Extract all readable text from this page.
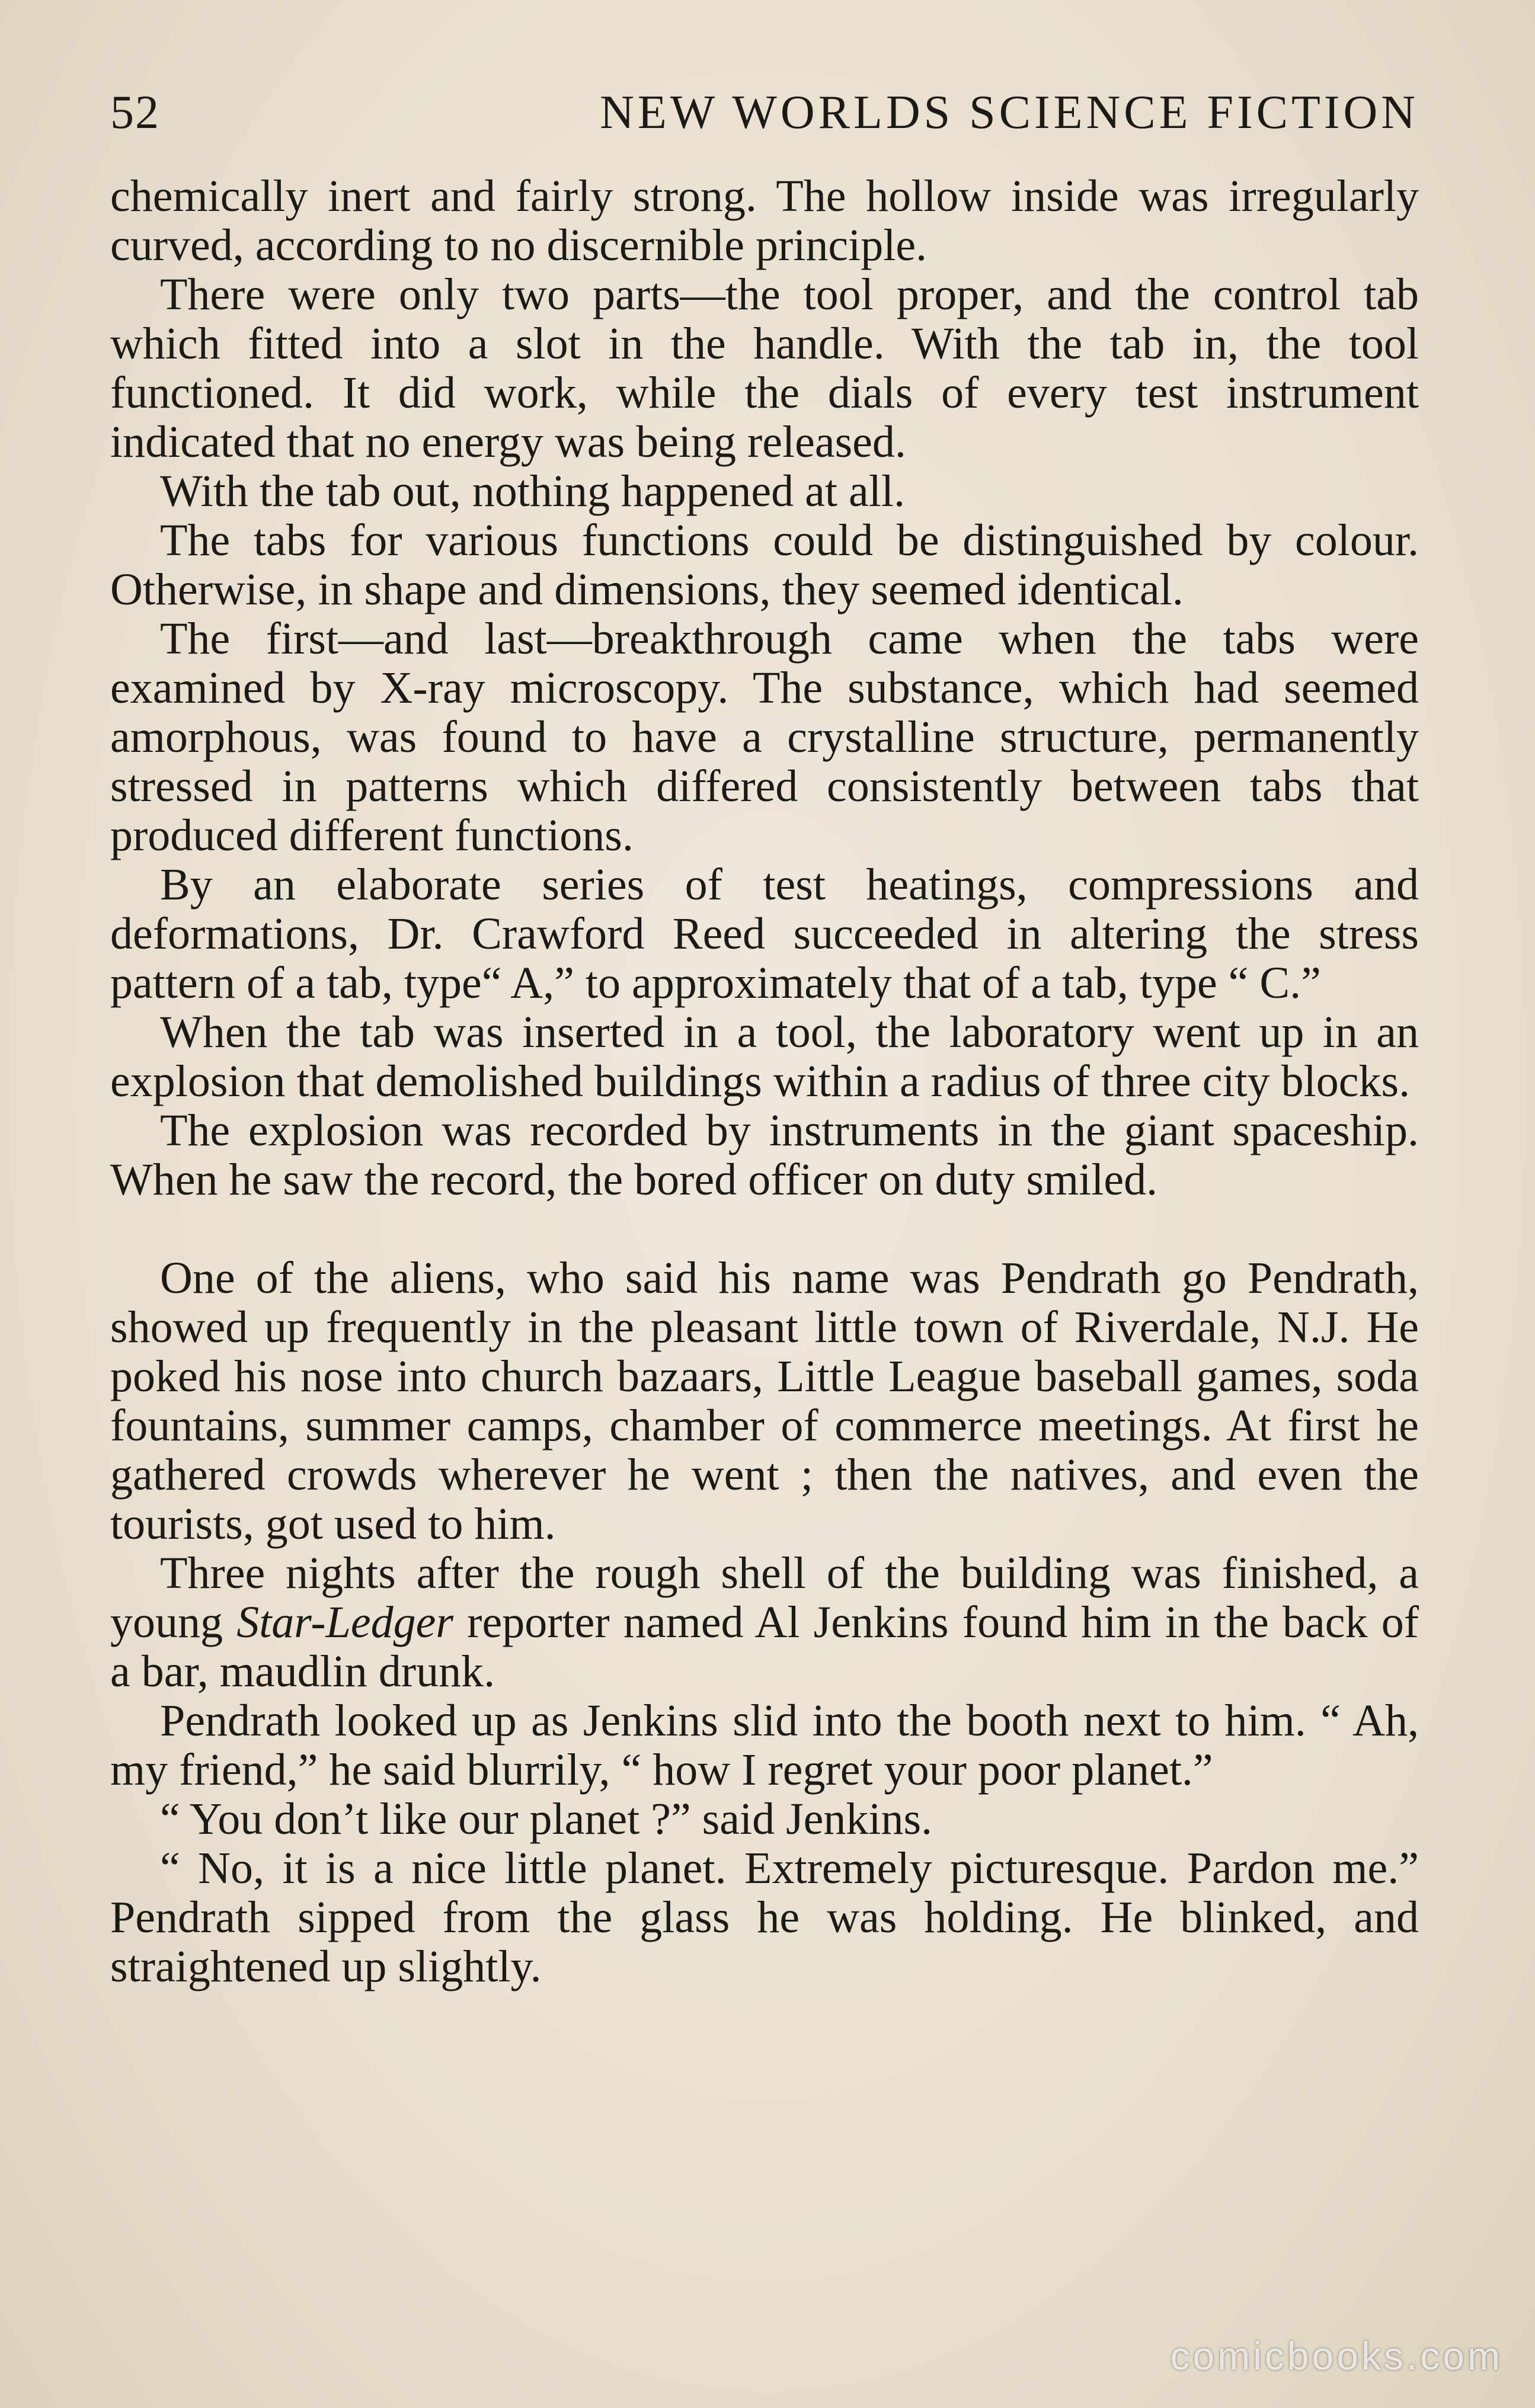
52	NEW WORLDS SCIENCE FICTION

chemically inert and fairly strong. The hollow inside was irregularly curved, according to no discernible principle.

There were only two parts—the tool proper, and the control tab which fitted into a slot in the handle. With the tab in, the tool functioned. It did work, while the dials of every test instrument indicated that no energy was being released.

With the tab out, nothing happened at all.

The tabs for various functions could be distinguished by colour. Otherwise, in shape and dimensions, they seemed identical.

The first—and last—breakthrough came when the tabs were examined by X-ray microscopy. The substance, which had seemed amorphous, was found to have a crystalline structure, permanently stressed in patterns which differed consistently between tabs that produced different functions.

By an elaborate series of test heatings, compressions and deformations, Dr. Crawford Reed succeeded in altering the stress pattern of a tab, type“ A,” to approximately that of a tab, type “ C.”

When the tab was inserted in a tool, the laboratory went up in an explosion that demolished buildings within a radius of three city blocks.

The explosion was recorded by instruments in the giant spaceship. When he saw the record, the bored officer on duty smiled.

One of the aliens, who said his name was Pendrath go Pendrath, showed up frequently in the pleasant little town of Riverdale, N.J. He poked his nose into church bazaars, Little League baseball games, soda fountains, summer camps, chamber of commerce meetings. At first he gathered crowds wherever he went ; then the natives, and even the tourists, got used to him.

Three nights after the rough shell of the building was finished, a young Star-Ledger reporter named Al Jenkins found him in the back of a bar, maudlin drunk.

Pendrath looked up as Jenkins slid into the booth next to him. “ Ah, my friend,” he said blurrily, “ how I regret your poor planet.”

“ You don’t like our planet ?” said Jenkins.

“ No, it is a nice little planet. Extremely picturesque. Pardon me.” Pendrath sipped from the glass he was holding. He blinked, and straightened up slightly.

comicbooks.com
